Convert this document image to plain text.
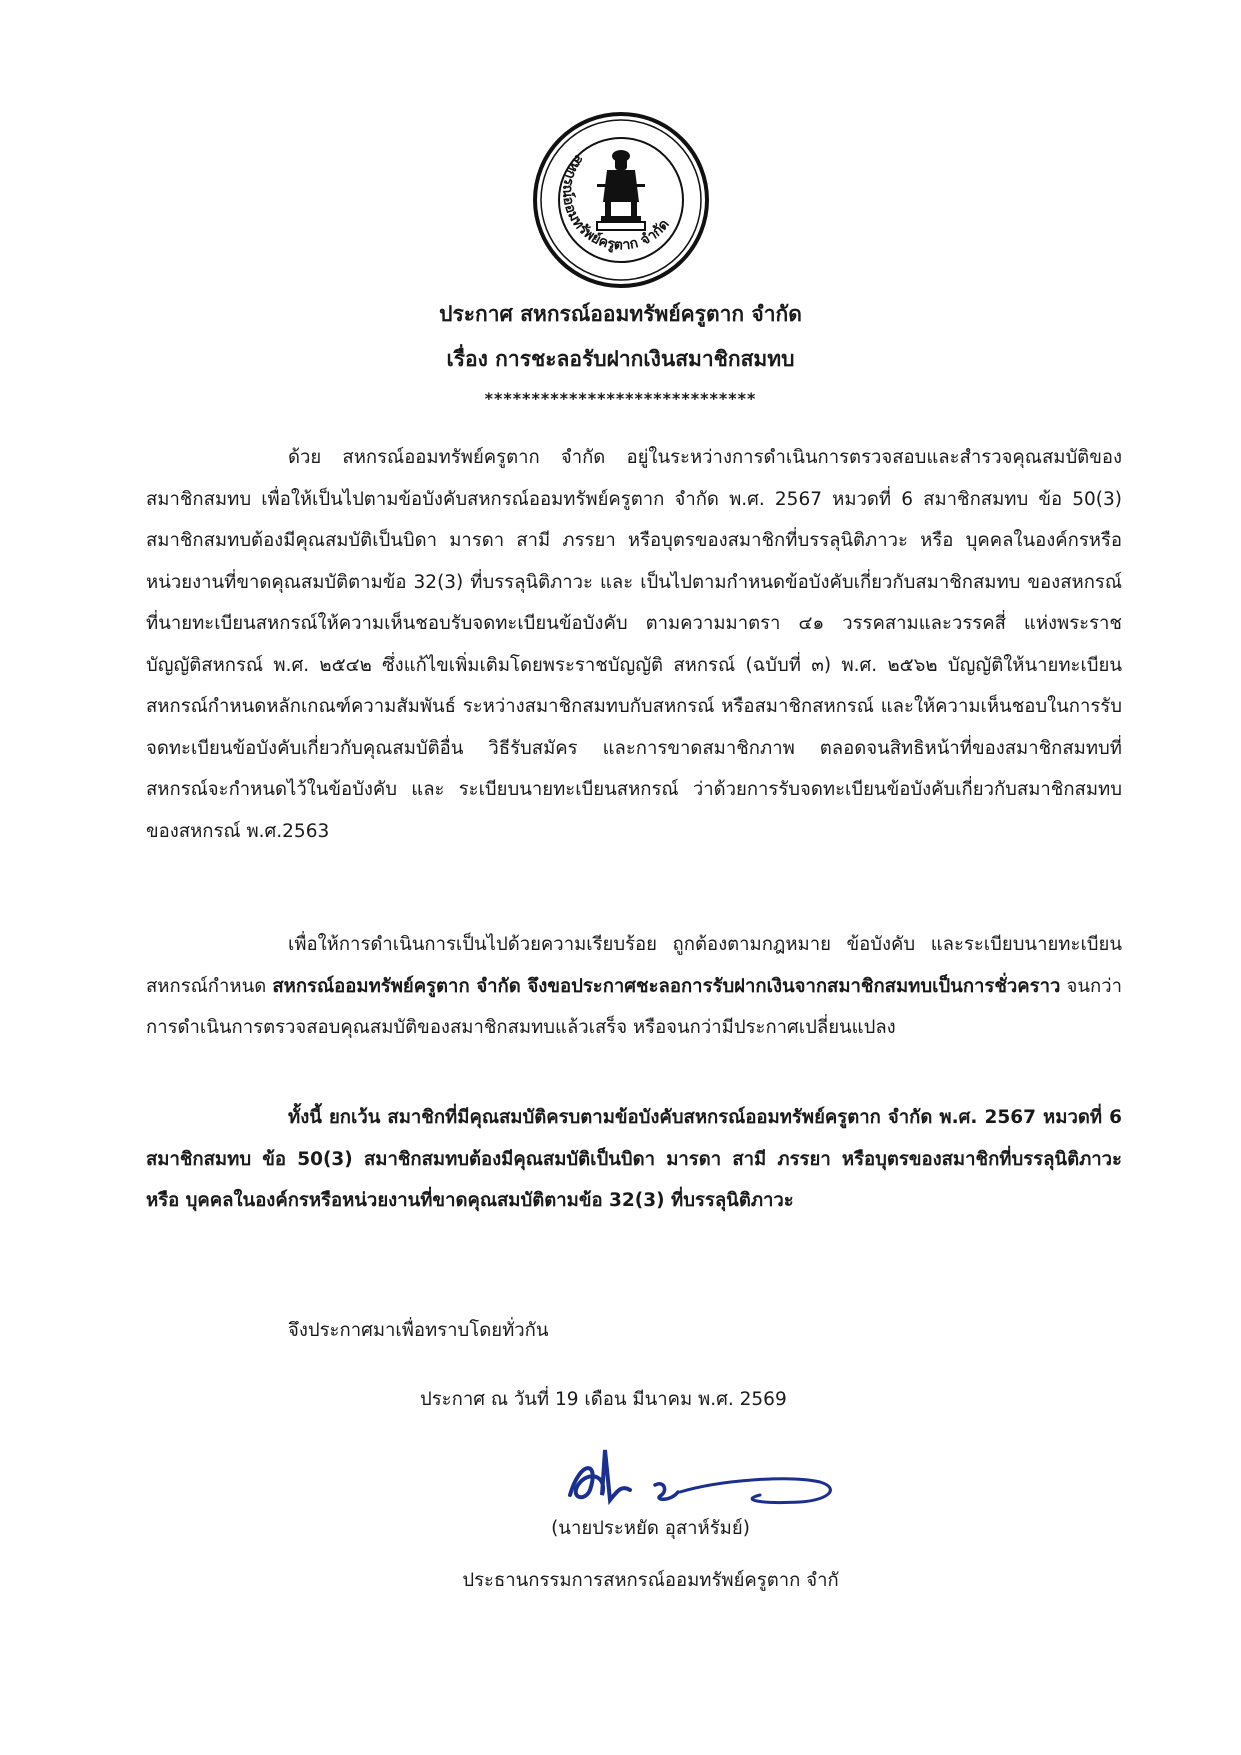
สหกรณ์ออมทรัพย์ครูตาก จำกัด
ประกาศ สหกรณ์ออมทรัพย์ครูตาก จำกัด
เรื่อง การชะลอรับฝากเงินสมาชิกสมทบ
*****************************
ด้วย สหกรณ์ออมทรัพย์ครูตาก จำกัด อยู่ในระหว่างการดำเนินการตรวจสอบและสำรวจคุณสมบัติของสมาชิกสมทบ เพื่อให้เป็นไปตามข้อบังคับสหกรณ์ออมทรัพย์ครูตาก จำกัด พ.ศ. 2567 หมวดที่ 6 สมาชิกสมทบ ข้อ 50(3) สมาชิกสมทบต้องมีคุณสมบัติเป็นบิดา มารดา สามี ภรรยา หรือบุตรของสมาชิกที่บรรลุนิติภาวะ หรือ บุคคลในองค์กรหรือหน่วยงานที่ขาดคุณสมบัติตามข้อ 32(3) ที่บรรลุนิติภาวะ และ เป็นไปตามกำหนดข้อบังคับเกี่ยวกับสมาชิกสมทบ ของสหกรณ์ที่นายทะเบียนสหกรณ์ให้ความเห็นชอบรับจดทะเบียนข้อบังคับ ตามความมาตรา ๔๑ วรรคสามและวรรคสี่ แห่งพระราชบัญญัติสหกรณ์ พ.ศ. ๒๕๔๒ ซึ่งแก้ไขเพิ่มเติมโดยพระราชบัญญัติ สหกรณ์ (ฉบับที่ ๓) พ.ศ. ๒๕๖๒ บัญญัติให้นายทะเบียนสหกรณ์กำหนดหลักเกณฑ์ความสัมพันธ์ ระหว่างสมาชิกสมทบกับสหกรณ์ หรือสมาชิกสหกรณ์ และให้ความเห็นชอบในการรับจดทะเบียนข้อบังคับเกี่ยวกับคุณสมบัติอื่น วิธีรับสมัคร และการขาดสมาชิกภาพ ตลอดจนสิทธิหน้าที่ของสมาชิกสมทบที่สหกรณ์จะกำหนดไว้ในข้อบังคับ และ ระเบียบนายทะเบียนสหกรณ์ ว่าด้วยการรับจดทะเบียนข้อบังคับเกี่ยวกับสมาชิกสมทบของสหกรณ์ พ.ศ.2563
เพื่อให้การดำเนินการเป็นไปด้วยความเรียบร้อย ถูกต้องตามกฎหมาย ข้อบังคับ และระเบียบนายทะเบียนสหกรณ์กำหนด สหกรณ์ออมทรัพย์ครูตาก จำกัด จึงขอประกาศชะลอการรับฝากเงินจากสมาชิกสมทบเป็นการชั่วคราว จนกว่าการดำเนินการตรวจสอบคุณสมบัติของสมาชิกสมทบแล้วเสร็จ หรือจนกว่ามีประกาศเปลี่ยนแปลง
ทั้งนี้ ยกเว้น สมาชิกที่มีคุณสมบัติครบตามข้อบังคับสหกรณ์ออมทรัพย์ครูตาก จำกัด พ.ศ. 2567 หมวดที่ 6 สมาชิกสมทบ ข้อ 50(3) สมาชิกสมทบต้องมีคุณสมบัติเป็นบิดา มารดา สามี ภรรยา หรือบุตรของสมาชิกที่บรรลุนิติภาวะ หรือ บุคคลในองค์กรหรือหน่วยงานที่ขาดคุณสมบัติตามข้อ 32(3) ที่บรรลุนิติภาวะ
จึงประกาศมาเพื่อทราบโดยทั่วกัน
ประกาศ ณ วันที่ 19 เดือน มีนาคม พ.ศ. 2569
(นายประหยัด อุสาห์รัมย์)
ประธานกรรมการสหกรณ์ออมทรัพย์ครูตาก จำกั
